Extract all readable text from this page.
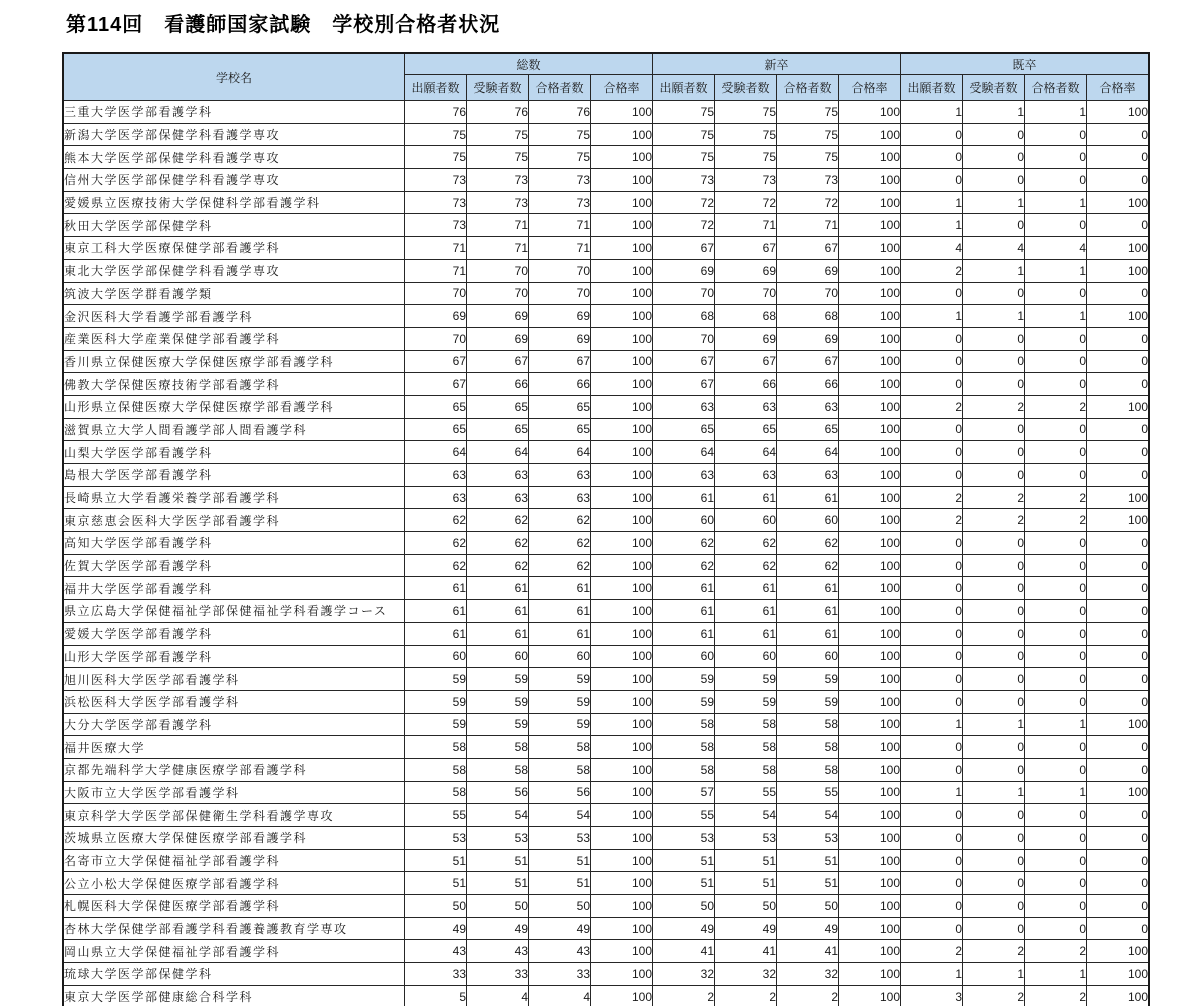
第114回　看護師国家試験　学校別合格者状況
学校名	総数				新卒				既卒			
	出願者数	受験者数	合格者数	合格率	出願者数	受験者数	合格者数	合格率	出願者数	受験者数	合格者数	合格率
三重大学医学部看護学科	76	76	76	100	75	75	75	100	1	1	1	100
新潟大学医学部保健学科看護学専攻	75	75	75	100	75	75	75	100	0	0	0	0
熊本大学医学部保健学科看護学専攻	75	75	75	100	75	75	75	100	0	0	0	0
信州大学医学部保健学科看護学専攻	73	73	73	100	73	73	73	100	0	0	0	0
愛媛県立医療技術大学保健科学部看護学科	73	73	73	100	72	72	72	100	1	1	1	100
秋田大学医学部保健学科	73	71	71	100	72	71	71	100	1	0	0	0
東京工科大学医療保健学部看護学科	71	71	71	100	67	67	67	100	4	4	4	100
東北大学医学部保健学科看護学専攻	71	70	70	100	69	69	69	100	2	1	1	100
筑波大学医学群看護学類	70	70	70	100	70	70	70	100	0	0	0	0
金沢医科大学看護学部看護学科	69	69	69	100	68	68	68	100	1	1	1	100
産業医科大学産業保健学部看護学科	70	69	69	100	70	69	69	100	0	0	0	0
香川県立保健医療大学保健医療学部看護学科	67	67	67	100	67	67	67	100	0	0	0	0
佛教大学保健医療技術学部看護学科	67	66	66	100	67	66	66	100	0	0	0	0
山形県立保健医療大学保健医療学部看護学科	65	65	65	100	63	63	63	100	2	2	2	100
滋賀県立大学人間看護学部人間看護学科	65	65	65	100	65	65	65	100	0	0	0	0
山梨大学医学部看護学科	64	64	64	100	64	64	64	100	0	0	0	0
島根大学医学部看護学科	63	63	63	100	63	63	63	100	0	0	0	0
長崎県立大学看護栄養学部看護学科	63	63	63	100	61	61	61	100	2	2	2	100
東京慈恵会医科大学医学部看護学科	62	62	62	100	60	60	60	100	2	2	2	100
高知大学医学部看護学科	62	62	62	100	62	62	62	100	0	0	0	0
佐賀大学医学部看護学科	62	62	62	100	62	62	62	100	0	0	0	0
福井大学医学部看護学科	61	61	61	100	61	61	61	100	0	0	0	0
県立広島大学保健福祉学部保健福祉学科看護学コース	61	61	61	100	61	61	61	100	0	0	0	0
愛媛大学医学部看護学科	61	61	61	100	61	61	61	100	0	0	0	0
山形大学医学部看護学科	60	60	60	100	60	60	60	100	0	0	0	0
旭川医科大学医学部看護学科	59	59	59	100	59	59	59	100	0	0	0	0
浜松医科大学医学部看護学科	59	59	59	100	59	59	59	100	0	0	0	0
大分大学医学部看護学科	59	59	59	100	58	58	58	100	1	1	1	100
福井医療大学	58	58	58	100	58	58	58	100	0	0	0	0
京都先端科学大学健康医療学部看護学科	58	58	58	100	58	58	58	100	0	0	0	0
大阪市立大学医学部看護学科	58	56	56	100	57	55	55	100	1	1	1	100
東京科学大学医学部保健衛生学科看護学専攻	55	54	54	100	55	54	54	100	0	0	0	0
茨城県立医療大学保健医療学部看護学科	53	53	53	100	53	53	53	100	0	0	0	0
名寄市立大学保健福祉学部看護学科	51	51	51	100	51	51	51	100	0	0	0	0
公立小松大学保健医療学部看護学科	51	51	51	100	51	51	51	100	0	0	0	0
札幌医科大学保健医療学部看護学科	50	50	50	100	50	50	50	100	0	0	0	0
杏林大学保健学部看護学科看護養護教育学専攻	49	49	49	100	49	49	49	100	0	0	0	0
岡山県立大学保健福祉学部看護学科	43	43	43	100	41	41	41	100	2	2	2	100
琉球大学医学部保健学科	33	33	33	100	32	32	32	100	1	1	1	100
東京大学医学部健康総合科学科	5	4	4	100	2	2	2	100	3	2	2	100
